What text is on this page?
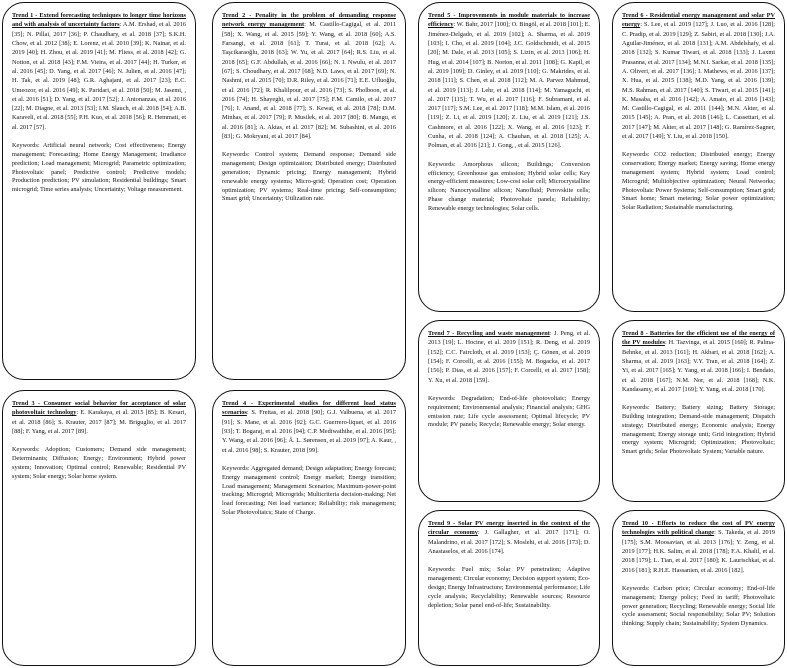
Trend 1 - Extend forecasting techniques to longer time horizons and with analysis of uncertainty factors: A.M. Ershad, et al. 2016 [35]; N. Pillai, 2017 [36]; P. Chaudhary, et al. 2018 [37]; S.K.H. Chow, et al. 2012 [38]; E. Lorenz, et al. 2010 [39]; K. Nainar, et al. 2019 [40]; H. Zhou, et al. 2019 [41]; M. Fliess, et al. 2018 [42]; G. Notton, et al. 2018 [43]; F.M. Vieira, et al. 2017 [44]; H. Turker, et al. 2016 [45]; D. Yang, et al. 2017 [46]; N. Julien, et al. 2016 [47]; H. Tak, et al. 2019 [48]; G.R. Aghajani, et al. 2017 [23]; E.C. Umeozor, et al. 2016 [49]; K. Paridari, et al. 2018 [50]; M. Jasemi, , et al. 2016 [51]; D. Yang, et al. 2017 [52]; J. Antonanzas, et al. 2016 [22]; M. Diagne, et al. 2013 [53]; I.M. Slauch, et al. 2018 [54]; A.B. Karaveli, et al. 2018 [55]; P.H. Kuo, et al. 2018 [56]; R. Hemmati, et al. 2017 [57].
Keywords: Artificial neural network; Cost effectiveness; Energy management; Forecasting; Home Energy Management; Irradiance prediction; Load management; Microgrid; Parametric optimization; Photovoltaic panel; Predictive control; Predictive models; Production prediction; PV simulation; Residential buildings; Smart microgrid; Time series analysis; Uncertainty; Voltage measurement.
Trend 2 - Penality in the problem of demanding response network energy management: M. Castillo-Cagigal, et al. 2011 [58]; X. Wang, et al. 2015 [59]; Y. Wang, et al. 2018 [60]; A.S. Farsangi, et al. 2018 [61]; T. Turai, et al. 2018 [62]; A. Taşcikaraoğlu, 2018 [63]; W. Yu, et al. 2017 [64]; R.S. Liu, et al. 2018 [65]; G.F. Abdullah, et al. 2016 [66]; N. I. Nwulu, et al. 2017 [67]; S. Choudhary, et al. 2017 [68]; N.D. Laws, et al. 2017 [69]; N. Nashmi, et al. 2015 [70]; D.R. Riley, et al. 2016 [71]; E.E. Ufluoğlu, et al. 2016 [72]; R. Khalilpour, et al. 2016 [73]; S. Pholboon, et al. 2016 [74]; H. Shayeghi, et al. 2017 [75]; F.M. Camilo, et al. 2017 [76]; I. Anand, et al. 2018 [77]; S. Kewat, et al. 2018 [78]; D.M. Minhas, et al. 2017 [79]; P. Musilek, et al. 2017 [80]; B. Mangu, et al. 2016 [81]; A. Aktas, et al. 2017 [82]; M. Subashini, et al. 2016 [83]; G. Mokryani, et al. 2017 [84].
Keywords: Control system; Demand response; Demand side management; Design optimization; Distributed energy; Distributed generation; Dynamic pricing; Energy management; Hybrid renewable energy systems; Micro-grid; Operation cost; Operation optimization; PV systems; Real-time pricing; Self-consumption; Smart grid; Uncertainty; Utilization rate.
Trend 3 - Consumer social behavior for acceptance of solar photovoltaic technology: E. Karakaya, et al. 2015 [85]; B. Kesari, et al. 2018 [86]; S. Krauter, 2017 [87]; M. Briguglio, et al. 2017 [88]; F. Yang, et al. 2017 [89].
Keywords: Adoption; Customers; Demand side management; Determinants; Diffusion; Energy; Environment; Hybrid power system; Innovation; Optimal control; Renewable; Residential PV system; Solar energy; Solar home system.
Trend 4 - Experimental studies for different load status scenarios: S. Freitas, et al. 2018 [90]; G.J. Valbuena, et al. 2017 [91]; S. Mane, et al. 2016 [92]; G.C. Guerrero-liquet, et al. 2016 [93]; T. Bogaraj, et al. 2016 [94]; C.P. Mediwaththe, et al. 2016 [95]; Y. Wang, et al. 2016 [96]; Å. L. Sørensen, et al. 2019 [97]; A. Kaur, , et al. 2016 [98]; S. Krauter, 2018 [99].
Keywords: Aggregated demand; Design adaptation; Energy forecast; Energy management control; Energy market; Energy transition; Load management; Management Scenarios; Maximum-power-point tracking; Microgrid; Microgrids; Multicriteria decision-making; Net load forecasting; Net load variance; Reliability; risk management; Solar Photovoltaics; State of Charge.
Trend 5 - Improvements in module materials to increase efficiency: W. Bahr, 2017 [100]; O. Bingöl, et al. 2018 [101]; E. Jiménez-Delgado, et al. 2019 [102]; A. Sharma, et al. 2019 [103]; I. Cho, et al. 2019 [104]; J.C. Goldschmidt, et al. 2015 [20]; M. Dale, et al. 2013 [105]; S. Lizin, et al. 2013 [106]; H. Hug, et al. 2014 [107]; B. Norton, et al. 2011 [108]; G. Kapil, et al. 2019 [109]; D. Ginley, et al. 2019 [110]; G. Makrides, et al. 2018 [111]; S. Chen, et al. 2018 [112]; M. A. Parvez Mahmud, et al. 2019 [113]; J. Lehr, et al. 2018 [114]; M. Yamaguchi, et al. 2017 [115]; T. Wu, et al. 2017 [116]; F. Subramani, et al. 2017 [117]; S.M. Lee, et al. 2017 [118]; M.M. Islam, et al. 2016 [119]; Z. Li, et al. 2019 [120]; Z. Liu, et al. 2019 [121]; J.S. Cashmore, et al. 2016 [122]; X. Wang, et al. 2016 [123]; F. Cunha, et al. 2018 [124]; A. Chauhan, et al. 2018 [125]; A. Polman, et al. 2016 [21]; J. Gong, , et al. 2015 [126].
Keywords: Amorphous silicon; Buildings; Conversion efficiency; Greenhouse gas emission; Hybrid solar cells; Key energy-efficient measures; Low-cost solar cell; Microcrystalline silicon; Nanocrystalline silicon; Nanofluid; Perovskite cells; Phase change material; Photovoltaic panels; Reliability; Renewable energy technologies; Solar cells.
Trend 6 - Residential energy management and solar PV energy: S. Lee, et al. 2019 [127]; J. Luo, et al. 2016 [128]; C. Pradip, et al. 2019 [129]; Z. Sabiri, et al. 2018 [130]; J.A. Aguilar-Jiménez, et al. 2018 [131]; A.M. Abdelshafy, et al. 2018 [132]; S. Kumar Tiwari, et al. 2018 [133]; J. Laxmi Prasanna, et al. 2017 [134]; M.N.I. Sarkar, et al. 2018 [135]; A. Oliveri, et al. 2017 [136]; I. Mathews, et al. 2016 [137]; X. Hua, et al. 2015 [138]; M.D. Yang, et al. 2016 [139]; M.S. Rahman, et al. 2017 [140]; S. Tiwari, et al. 2015 [141]; K. Masaba, et al. 2016 [142]; A. Amato, et al. 2016 [143]; M. Castillo-Cagigal, et al. 2011 [144]; M.N. Akter, et al. 2015 [145]; A. Pran, et al. 2018 [146]; L. Cassettari, et al. 2017 [147]; M. Akter, et al. 2017 [148]; G. Ramírez-Sagner, et al. 2017 [149]; Y. Liu, et al. 2018 [150].
Keywords: CO2 reduction; Distributed energy; Energy conservation; Energy market; Energy saving; Home energy management system; Hybrid system; Load control; Microgrid; Multiobjective optimization; Neural Networks; Photovoltaic Power Systems; Self-consumption; Smart grid; Smart home; Smart metering; Solar power optimization; Solar Radiation; Sustainable manufacturing.
Trend 7 - Recycling and waste management: J. Peng, et al. 2013 [19]; L. Hocine, et al. 2019 [151]; R. Deng, et al. 2019 [152]; C.C. Faircloth, et al. 2019 [153]; Ç. Gönen, et al. 2019 [154]; F. Corcelli, et al. 2016 [155]; M. Bogacka, et al. 2017 [156]; P. Dias, et al. 2016 [157]; F. Corcelli, et al. 2017 [158]; Y. Xu, et al. 2018 [159].
Keywords: Degradation; End-of-life photovoltaic; Energy requirement; Environmental analysis; Financial analysis; GHG emission rate; Life cycle assessment; Optimal lifecycle; PV module; PV panels; Recycle; Renewable energy; Solar energy.
Trend 8 - Batteries for the efficient use of the energy of the PV modules: H. Tazvinga, et al. 2015 [160]; R. Palma-Behnke, et al. 2013 [161]; H. Akbari, et al. 2018 [162]; A. Sharma, et al. 2019 [163]; V.Y. Tran, et al. 2018 [164]; Z. Yi, et al. 2017 [165]; Y. Yang, et al. 2018 [166]; I. Bendato, et al. 2018 [167]; N.M. Nor, et al. 2018 [168]; N.K. Kandasamy, et al. 2017 [169]; Y. Yang, et al. 2018 [170].
Keywords: Battery; Battery sizing; Battery Storage; Building integration; Demand-side management; Dispatch strategy; Distributed energy; Economic analysis; Energy management; Energy storage unit; Grid integration; Hybrid energy system; Microgrid; Optimization; Photovoltaic; Smart grids; Solar Photovoltaic System; Variable nature.
Trend 9 - Solar PV energy inserted in the context of the circular economy: J. Gallagher, et al. 2017 [171]; O. Malandrino, et al. 2017 [172]; S. Moslehi, et al. 2016 [173]; D. Anastaselos, et al. 2016 [174].
Keywords: Fuel mix; Solar PV penetration; Adaptive management; Circular economy; Decision support system; Eco-design; Energy Infrastructure; Environmental performance; Life cycle analysis; Recyclability; Renewable sources; Resource depletion; Solar panel end-of-life; Sustainability.
Trend 10 - Efforts to reduce the cost of PV energy technologies with political change: S. Takeda, et al. 2019 [175]; S.M. Moosavian, et al. 2013 [176]; Y. Zeng, et al. 2019 [177]; H.K. Salim, et al. 2018 [178]; F.A. Khalil, et al. 2018 [179]; L. Tian, et al. 2017 [180]; K. Laurischkat, et al. 2016 [181]; R.H.E. Hassanien, et al. 2016 [182].
Keywords: Carbon price; Circular economy; End-of-life management; Energy policy; Feed in tariff; Photovoltaic power generation; Recycling; Renewable energy; Social life cycle assessment; Social responsibility; Solar PV; Solution thinking; Supply chain; Sustainability; System Dynamics.
